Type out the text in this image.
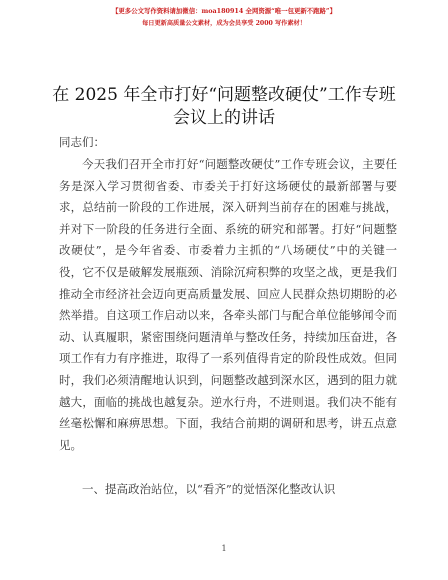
【更多公文写作资料请加微信：moa180914 全网资源“唯一包更新不跑路”】
每日更新高质量公文素材，成为会员享受 2000 写作素材！
在 2025 年全市打好“问题整改硬仗”工作专班
会议上的讲话
同志们：
今天我们召开全市打好“问题整改硬仗”工作专班会议，主要任务是深入学习贯彻省委、市委关于打好这场硬仗的最新部署与要求，总结前一阶段的工作进展，深入研判当前存在的困难与挑战，并对下一阶段的任务进行全面、系统的研究和部署。打好“问题整改硬仗”，是今年省委、市委着力主抓的“八场硬仗”中的关键一役，它不仅是破解发展瓶颈、消除沉疴积弊的攻坚之战，更是我们推动全市经济社会迈向更高质量发展、回应人民群众热切期盼的必然举措。自这项工作启动以来，各牵头部门与配合单位能够闻令而动、认真履职，紧密围绕问题清单与整改任务，持续加压奋进，各项工作有力有序推进，取得了一系列值得肯定的阶段性成效。但同时，我们必须清醒地认识到，问题整改越到深水区，遇到的阻力就越大，面临的挑战也越复杂。逆水行舟，不进则退。我们决不能有丝毫松懈和麻痹思想。下面，我结合前期的调研和思考，讲五点意见。
一、提高政治站位，以“看齐”的觉悟深化整改认识
1
